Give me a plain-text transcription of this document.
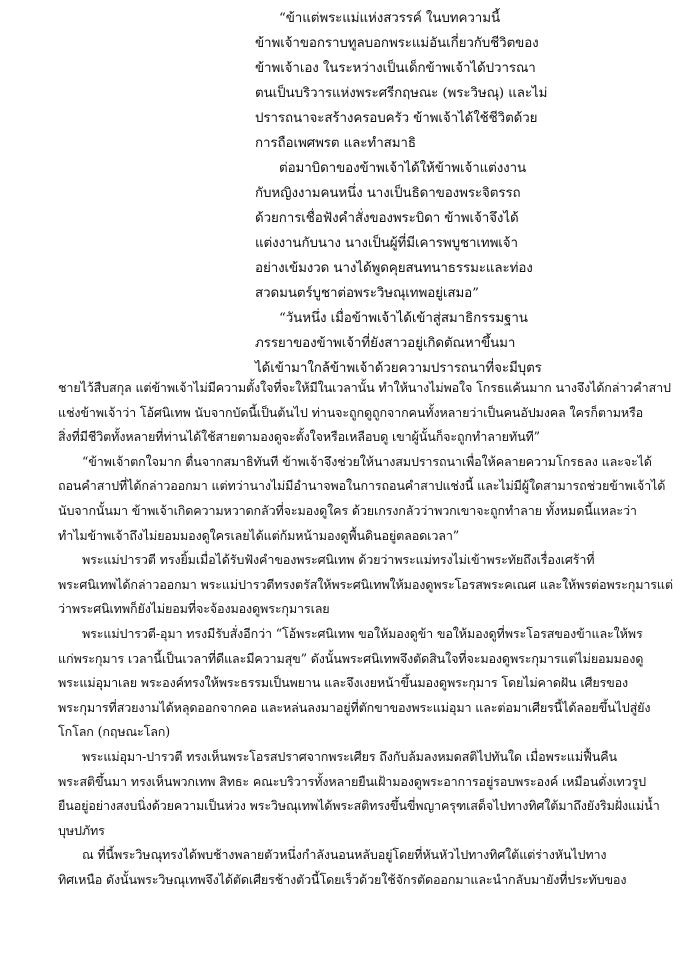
“ข้าแต่พระแม่แห่งสวรรค์ ในบทความนี้
ข้าพเจ้าขอกราบทูลบอกพระแม่อันเกี่ยวกับชีวิตของ
ข้าพเจ้าเอง ในระหว่างเป็นเด็กข้าพเจ้าได้ปวารณา
ตนเป็นบริวารแห่งพระศรีกฤษณะ (พระวิษณุ) และไม่
ปรารถนาจะสร้างครอบครัว ข้าพเจ้าได้ใช้ชีวิตด้วย
การถือเพศพรต และทำสมาธิ
ต่อมาบิดาของข้าพเจ้าได้ให้ข้าพเจ้าแต่งงาน
กับหญิงงามคนหนึ่ง นางเป็นธิดาของพระจิตรรถ
ด้วยการเชื่อฟังคำสั่งของพระบิดา ข้าพเจ้าจึงได้
แต่งงานกับนาง นางเป็นผู้ที่มีเคารพบูชาเทพเจ้า
อย่างเข้มงวด นางได้พูดคุยสนทนาธรรมะและท่อง
สวดมนตร์บูชาต่อพระวิษณุเทพอยู่เสมอ”
“วันหนึ่ง เมื่อข้าพเจ้าได้เข้าสู่สมาธิกรรมฐาน
ภรรยาของข้าพเจ้าที่ยังสาวอยู่เกิดตัณหาขึ้นมา
ได้เข้ามาใกล้ข้าพเจ้าด้วยความปรารถนาที่จะมีบุตร
ชายไว้สืบสกุล แต่ข้าพเจ้าไม่มีความตั้งใจที่จะให้มีในเวลานั้น ทำให้นางไม่พอใจ โกรธแค้นมาก นางจึงได้กล่าวคำสาป
แช่งข้าพเจ้าว่า โอ้ศนิเทพ นับจากบัดนี้เป็นต้นไป ท่านจะถูกดูถูกจากคนทั้งหลายว่าเป็นคนอัปมงคล ใครก็ตามหรือ
สิ่งที่มีชีวิตทั้งหลายที่ท่านได้ใช้สายตามองดูจะตั้งใจหรือเหลือบดู เขาผู้นั้นก็จะถูกทำลายทันที”
“ข้าพเจ้าตกใจมาก ตื่นจากสมาธิทันที ข้าพเจ้าจึงช่วยให้นางสมปรารถนาเพื่อให้คลายความโกรธลง และจะได้
ถอนคำสาปที่ได้กล่าวออกมา แต่ทว่านางไม่มีอำนาจพอในการถอนคำสาปแช่งนี้ และไม่มีผู้ใดสามารถช่วยข้าพเจ้าได้
นับจากนั้นมา ข้าพเจ้าเกิดความหวาดกลัวที่จะมองดูใคร ด้วยเกรงกลัวว่าพวกเขาจะถูกทำลาย ทั้งหมดนี้แหละว่า
ทำไมข้าพเจ้าถึงไม่ยอมมองดูใครเลยได้แต่ก้มหน้ามองดูพื้นดินอยู่ตลอดเวลา”
พระแม่ปารวตี ทรงยิ้มเมื่อได้รับฟังคำของพระศนิเทพ ด้วยว่าพระแม่ทรงไม่เข้าพระทัยถึงเรื่องเศร้าที่
พระศนิเทพได้กล่าวออกมา พระแม่ปารวตีทรงตรัสให้พระศนิเทพให้มองดูพระโอรสพระคเณศ และให้พรต่อพระกุมารแต่
ว่าพระศนิเทพก็ยังไม่ยอมที่จะจ้องมองดูพระกุมารเลย
พระแม่ปารวตี-อุมา ทรงมีรับสั่งอีกว่า “โอ้พระศนิเทพ ขอให้มองดูข้า ขอให้มองดูที่พระโอรสของข้าและให้พร
แก่พระกุมาร เวลานี้เป็นเวลาที่ดีและมีความสุข” ดังนั้นพระศนิเทพจึงตัดสินใจที่จะมองดูพระกุมารแต่ไม่ยอมมองดู
พระแม่อุมาเลย พระองค์ทรงให้พระธรรมเป็นพยาน และจึงเงยหน้าขึ้นมองดูพระกุมาร โดยไม่คาดฝัน เศียรของ
พระกุมารที่สวยงามได้หลุดออกจากคอ และหล่นลงมาอยู่ที่ตักขาของพระแม่อุมา และต่อมาเศียรนี้ได้ลอยขึ้นไปสู่ยัง
โกโลก (กฤษณะโลก)
พระแม่อุมา-ปารวตี ทรงเห็นพระโอรสปราศจากพระเศียร ถึงกับล้มลงหมดสติไปทันใด เมื่อพระแม่ฟื้นคืน
พระสติขึ้นมา ทรงเห็นพวกเทพ สิทธะ คณะบริวารทั้งหลายยืนเฝ้ามองดูพระอาการอยู่รอบพระองค์ เหมือนดั่งเทวรูป
ยืนอยู่อย่างสงบนิ่งด้วยความเป็นห่วง พระวิษณุเทพได้พระสติทรงขึ้นขี่พญาครุฑเสด็จไปทางทิศใต้มาถึงยังริมฝั่งแม่น้ำ
บุษปภัทร
ณ ที่นี้พระวิษณุทรงได้พบช้างพลายตัวหนึ่งกำลังนอนหลับอยู่โดยที่หันหัวไปทางทิศใต้แต่ร่างหันไปทาง
ทิศเหนือ ดังนั้นพระวิษณุเทพจึงได้ตัดเศียรช้างตัวนี้โดยเร็วด้วยใช้จักรตัดออกมาและนำกลับมายังที่ประทับของ
